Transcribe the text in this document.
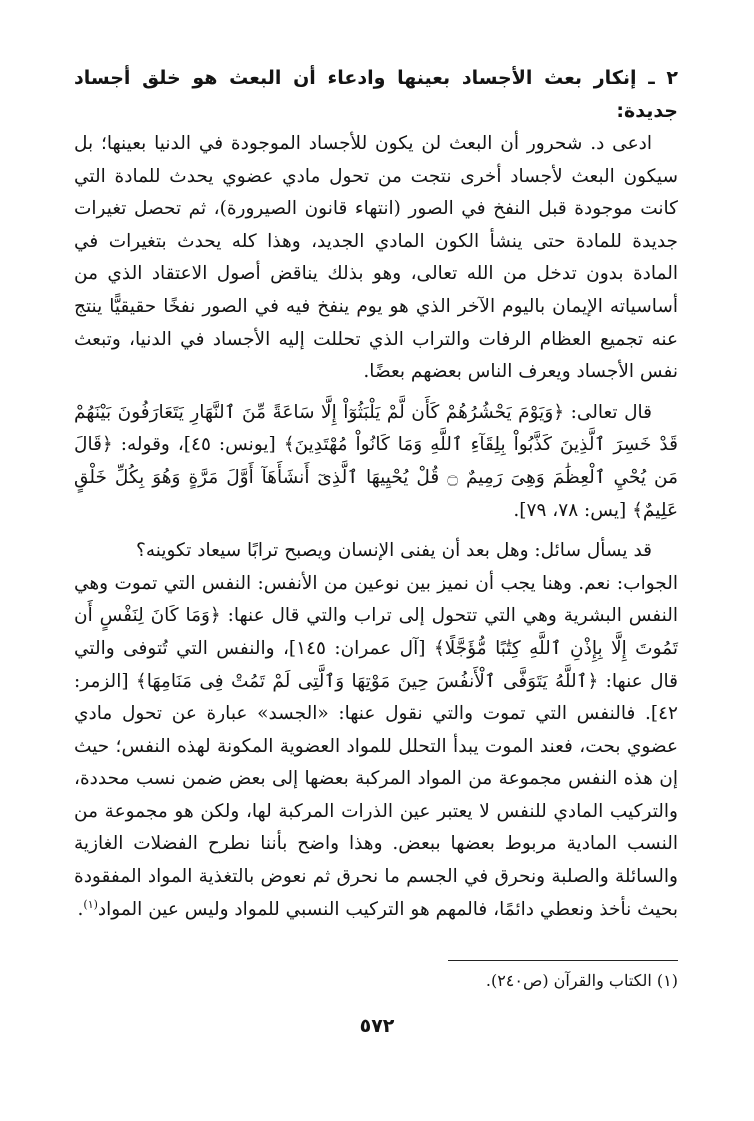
٢ ـ إنكار بعث الأجساد بعينها وادعاء أن البعث هو خلق أجساد جديدة:

ادعى د. شحرور أن البعث لن يكون للأجساد الموجودة في الدنيا بعينها؛ بل سيكون البعث لأجساد أخرى نتجت من تحول مادي عضوي يحدث للمادة التي كانت موجودة قبل النفخ في الصور (انتهاء قانون الصيرورة)، ثم تحصل تغيرات جديدة للمادة حتى ينشأ الكون المادي الجديد، وهذا كله يحدث بتغيرات في المادة بدون تدخل من الله تعالى، وهو بذلك يناقض أصول الاعتقاد الذي من أساسياته الإيمان باليوم الآخر الذي هو يوم ينفخ فيه في الصور نفخًا حقيقيًّا ينتج عنه تجميع العظام الرفات والتراب الذي تحللت إليه الأجساد في الدنيا، وتبعث نفس الأجساد ويعرف الناس بعضهم بعضًا.

قال تعالى: ﴿وَيَوْمَ يَحْشُرُهُمْ كَأَن لَّمْ يَلْبَثُوٓاْ إِلَّا سَاعَةً مِّنَ ٱلنَّهَارِ يَتَعَارَفُونَ بَيْنَهُمْ قَدْ خَسِرَ ٱلَّذِينَ كَذَّبُواْ بِلِقَآءِ ٱللَّهِ وَمَا كَانُواْ مُهْتَدِينَ﴾ [يونس: ٤٥]، وقوله: ﴿قَالَ مَن يُحْيِ ٱلْعِظَٰمَ وَهِىَ رَمِيمٌ ۝ قُلْ يُحْيِيهَا ٱلَّذِىٓ أَنشَأَهَآ أَوَّلَ مَرَّةٍ وَهُوَ بِكُلِّ خَلْقٍ عَلِيمٌ﴾ [يس: ٧٨، ٧٩].

قد يسأل سائل: وهل بعد أن يفنى الإنسان ويصبح ترابًا سيعاد تكوينه؟

الجواب: نعم. وهنا يجب أن نميز بين نوعين من الأنفس: النفس التي تموت وهي النفس البشرية وهي التي تتحول إلى تراب والتي قال عنها: ﴿وَمَا كَانَ لِنَفْسٍ أَن تَمُوتَ إِلَّا بِإِذْنِ ٱللَّهِ كِتَٰبًا مُّؤَجَّلًا﴾ [آل عمران: ١٤٥]، والنفس التي تُتوفى والتي قال عنها: ﴿ٱللَّهُ يَتَوَفَّى ٱلْأَنفُسَ حِينَ مَوْتِهَا وَٱلَّتِى لَمْ تَمُتْ فِى مَنَامِهَا﴾ [الزمر: ٤٢]. فالنفس التي تموت والتي نقول عنها: «الجسد» عبارة عن تحول مادي عضوي بحت، فعند الموت يبدأ التحلل للمواد العضوية المكونة لهذه النفس؛ حيث إن هذه النفس مجموعة من المواد المركبة بعضها إلى بعض ضمن نسب محددة، والتركيب المادي للنفس لا يعتبر عين الذرات المركبة لها، ولكن هو مجموعة من النسب المادية مربوط بعضها ببعض. وهذا واضح بأننا نطرح الفضلات الغازية والسائلة والصلبة ونحرق في الجسم ما نحرق ثم نعوض بالتغذية المواد المفقودة بحيث نأخذ ونعطي دائمًا، فالمهم هو التركيب النسبي للمواد وليس عين المواد$^{(١)}$.

(١) الكتاب والقرآن (ص٢٤٠).
٥٧٢
